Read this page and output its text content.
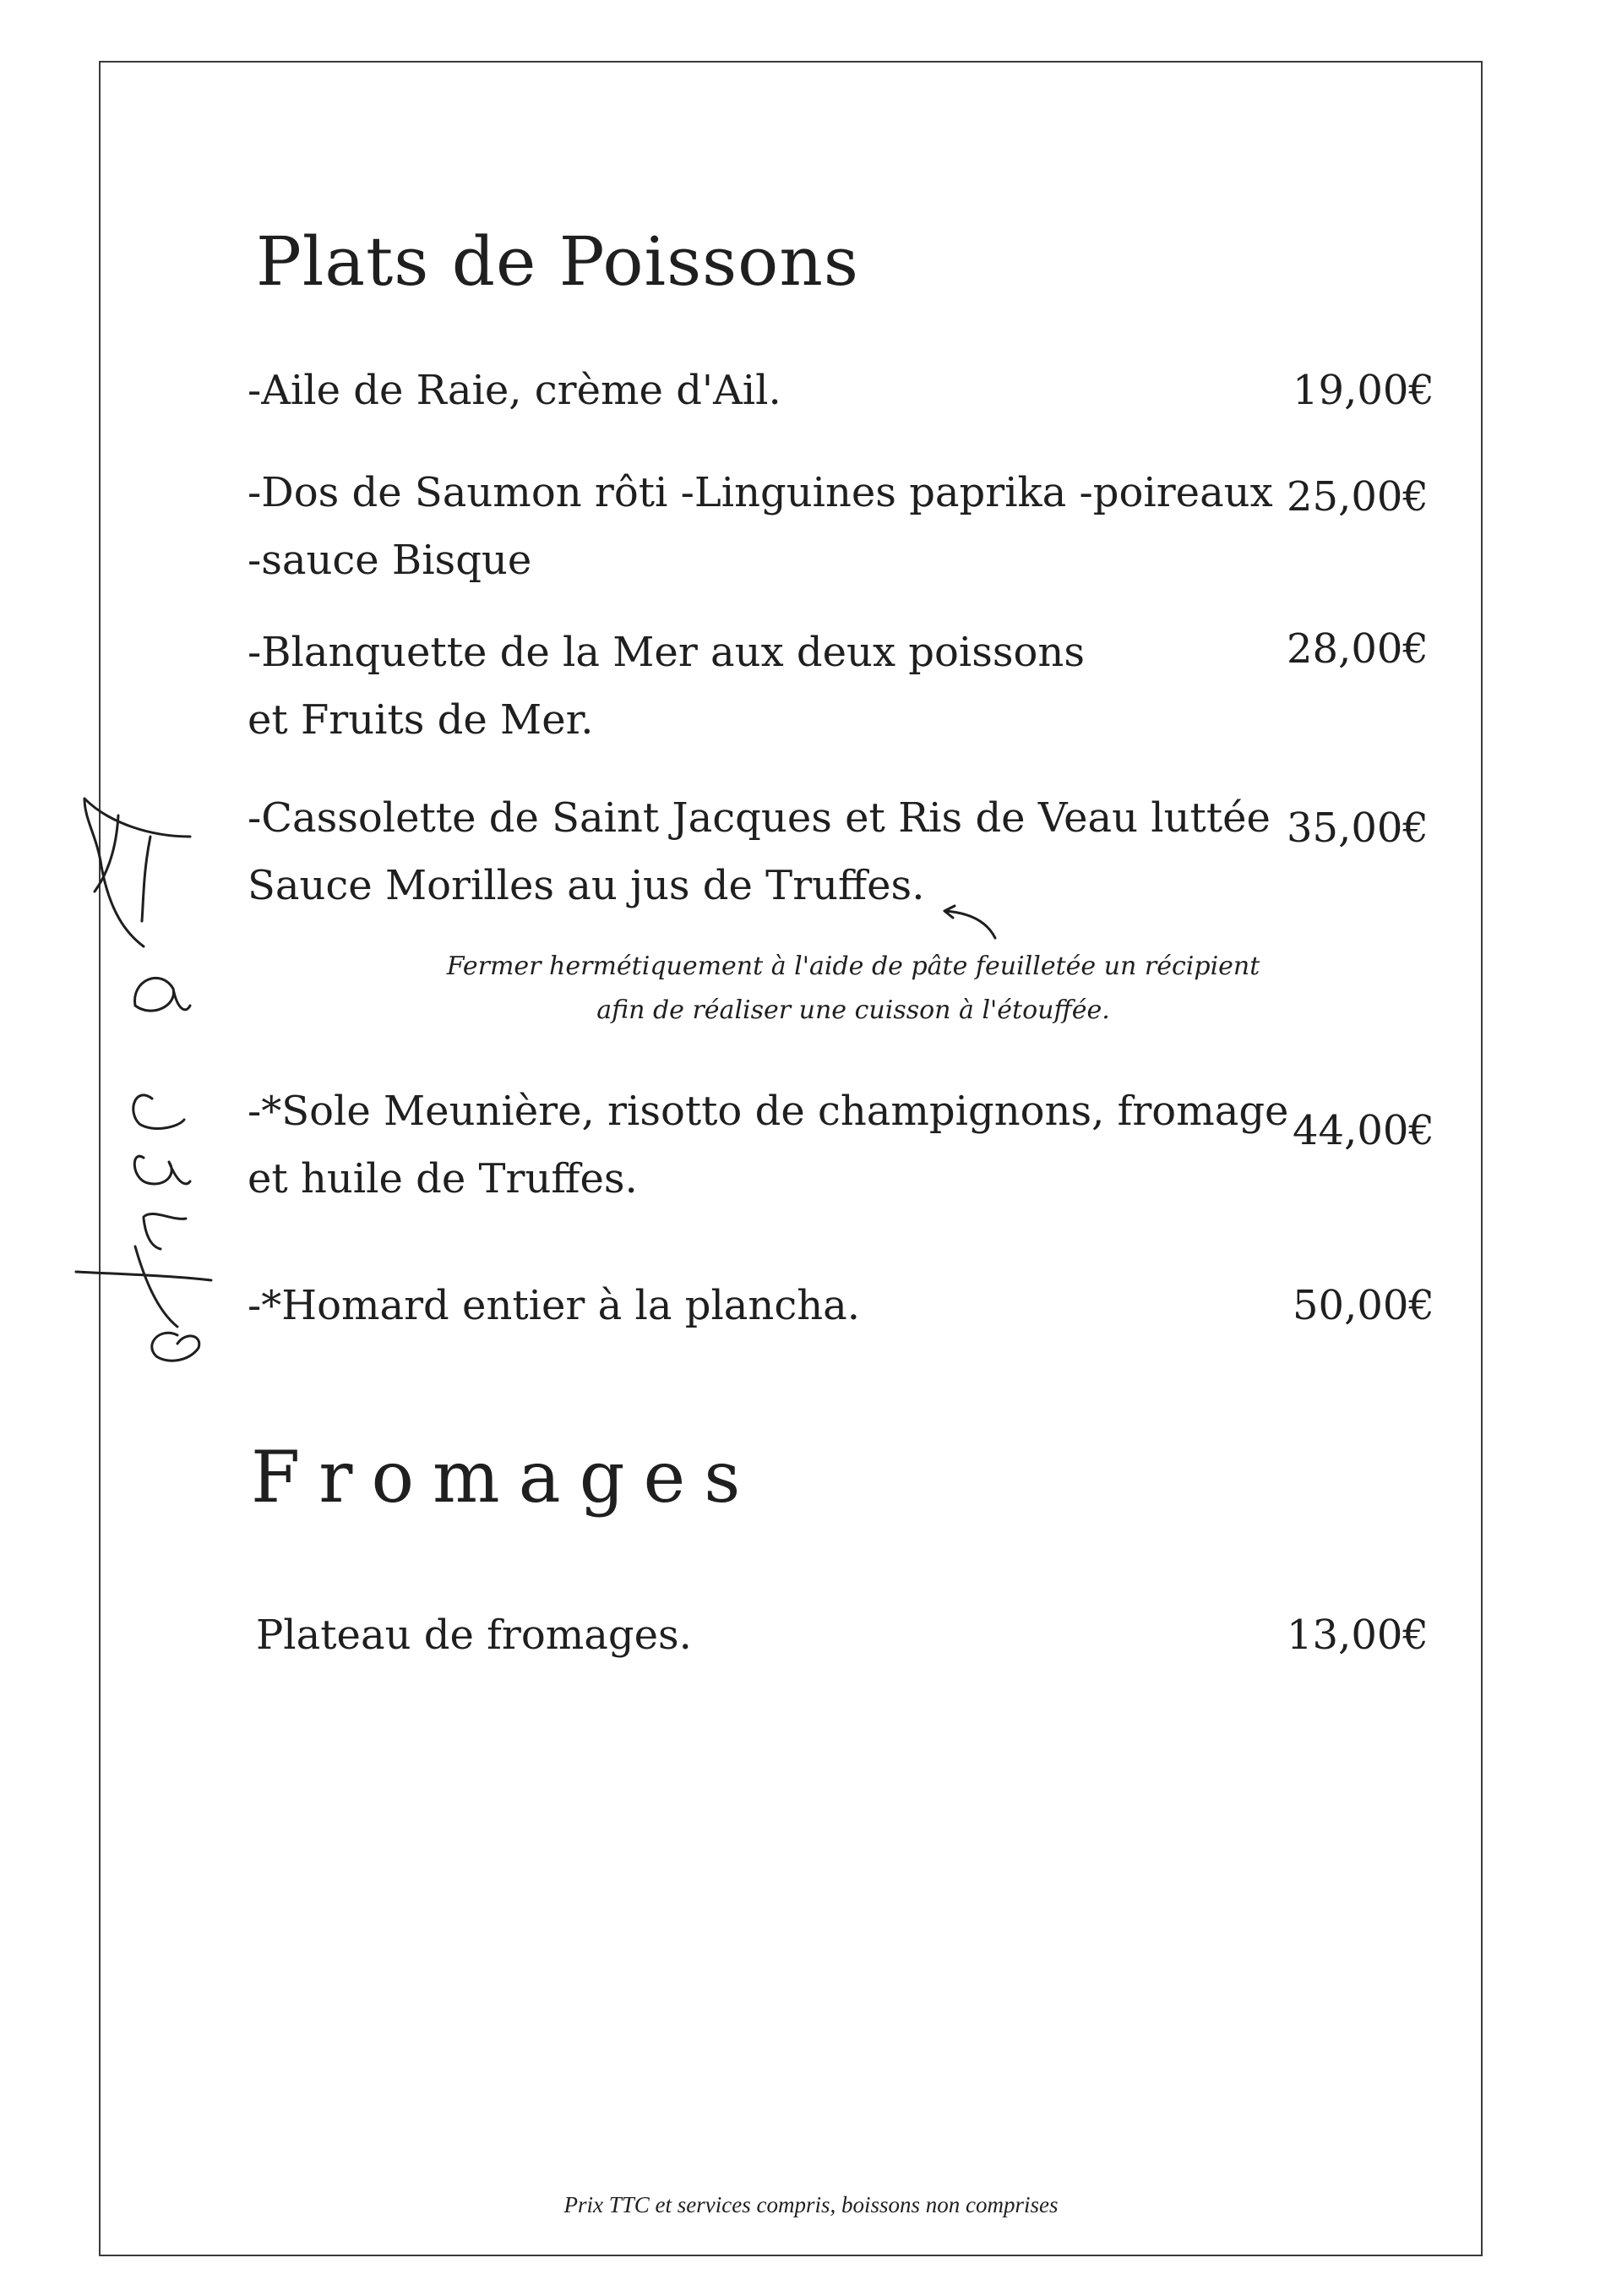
Plats de Poissons
-Aile de Raie, crème d'Ail.	19,00€
-Dos de Saumon rôti -Linguines paprika -poireaux
-sauce Bisque
25,00€
-Blanquette de la Mer aux deux poissons
et Fruits de Mer.
28,00€
-Cassolette de Saint Jacques et Ris de Veau luttée
Sauce Morilles au jus de Truffes.
35,00€
Fermer hermétiquement à l'aide de pâte feuilletée un récipient
afin de réaliser une cuisson à l'étouffée.
-*Sole Meunière, risotto de champignons, fromage
et huile de Truffes.
44,00€
-*Homard entier à la plancha.	50,00€
Fromages
Plateau de fromages.	13,00€
Prix TTC et services compris, boissons non comprises
